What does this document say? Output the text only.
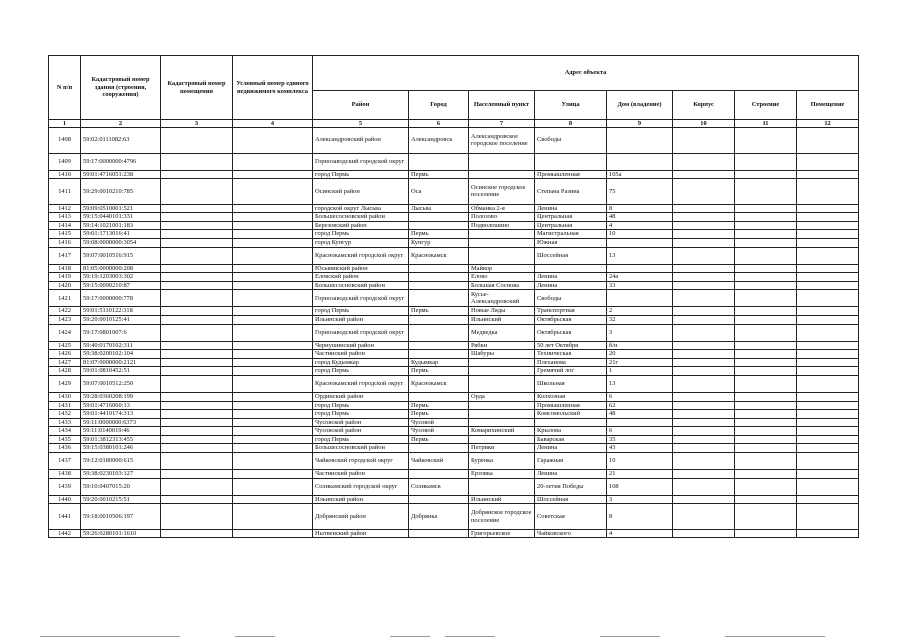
N п/п	Кадастровый номер здания (строения, сооружения)	Кадастровый номер помещения	Условный номер единого недвижимого комплекса	Адрес объекта							
				Район	Город	Населенный пункт	Улица	Дом (владение)	Корпус	Строение	Помещение
1	2	3	4	5	6	7	8	9	10	11	12
1408	59:02:0111082:63			Александровский район	Александровск	Александровское городское поселение	Свободы				
1409	59:17:0000000:4796			Горнозаводский городской округ							
1410	59:01:4716051:238			город Пермь	Пермь		Промышленная	105а			
1411	59:29:0010210:785			Осинский район	Оса	Осинское городское поселение	Степана Разина	75			
1412	59:09:0510001:521			городской округ Лысьва	Лысьва	Обманка 2-я	Ленина	8			
1413	59:15:0440101:331			Большесосновский район		Полозово	Центральная	48			
1414	59:14:1021001:183			Березовский район		Подволошино	Центральная	4			
1415	59:01:1713016:41			город Пермь	Пермь		Магистральная	10			
1416	59:08:0000000:3054			город Кунгур	Кунгур		Южная				
1417	59:07:0010516:915			Краснокамский городской округ	Краснокамск		Шоссейная	13			
1418	81:05:0000000:208			Юсьвинский район		Майкор					
1419	59:19:1203003:302			Еловский район		Елово	Ленина	24а			
1420	59:15:0090210:87			Большесосновский район		Большая Соснова	Ленина	33			
1421	59:17:0000000:778			Горнозаводский городской округ		Кусье-Александровский	Свободы				
1422	59:01:5110122:318			город Пермь	Пермь	Новые Ляды	Транспортная	2			
1423	59:20:0010125:41			Ильинский район		Ильинский	Октябрьская	32			
1424	59:17:0801007:6			Горнозаводский городской округ		Медведка	Октябрьская	3			
1425	59:40:0170102:311			Чернушинский район		Рябки	50 лет Октября	б/н			
1426	59:38:0200102:104			Частинский район		Шабуры	Техническая	20			
1427	81:07:0000000:2121			город Кудымкар	Кудымкар		Плеханова	21г			
1428	59:01:0810452:51			город Пермь	Пермь		Гремячий лог	1			
1429	59:07:0010512:250			Краснокамский городской округ	Краснокамск		Школьная	13			
1430	59:28:0360208:199			Ординский район		Орда	Колхозная	6			
1431	59:01:4716060:13			город Пермь	Пермь		Промышленная	62			
1432	59:01:4410174:313			город Пермь	Пермь		Комсомольский	48			
1433	59:11:0000000:6373			Чусовской район	Чусовой						
1434	59:11:0140019:46			Чусовской район	Чусовой	Комарихинский	Крылова	6			
1435	59:01:3812313:455			город Пермь	Пермь		Баварская	35			
1436	59:15:0380101:246			Большесосновский район		Петрики	Ленина	43			
1437	59:12:0180000:615			Чайковский городской округ	Чайковский	Буренка	Гаражная	10			
1438	59:38:0230103:127			Частинский район		Ерзовка	Ленина	21			
1439	59:10:0407015:20			Соликамский городской округ	Соликамск		20-летия Победы	108			
1440	59:20:0010215:51			Ильинский район		Ильинский	Шоссейная	3			
1441	59:18:0010506:197			Добрянский район	Добрянка	Добрянское городское поселение	Советская	8			
1442	59:26:0280101:1610			Нытвенский район		Григорьевское	Чайковского	4			
